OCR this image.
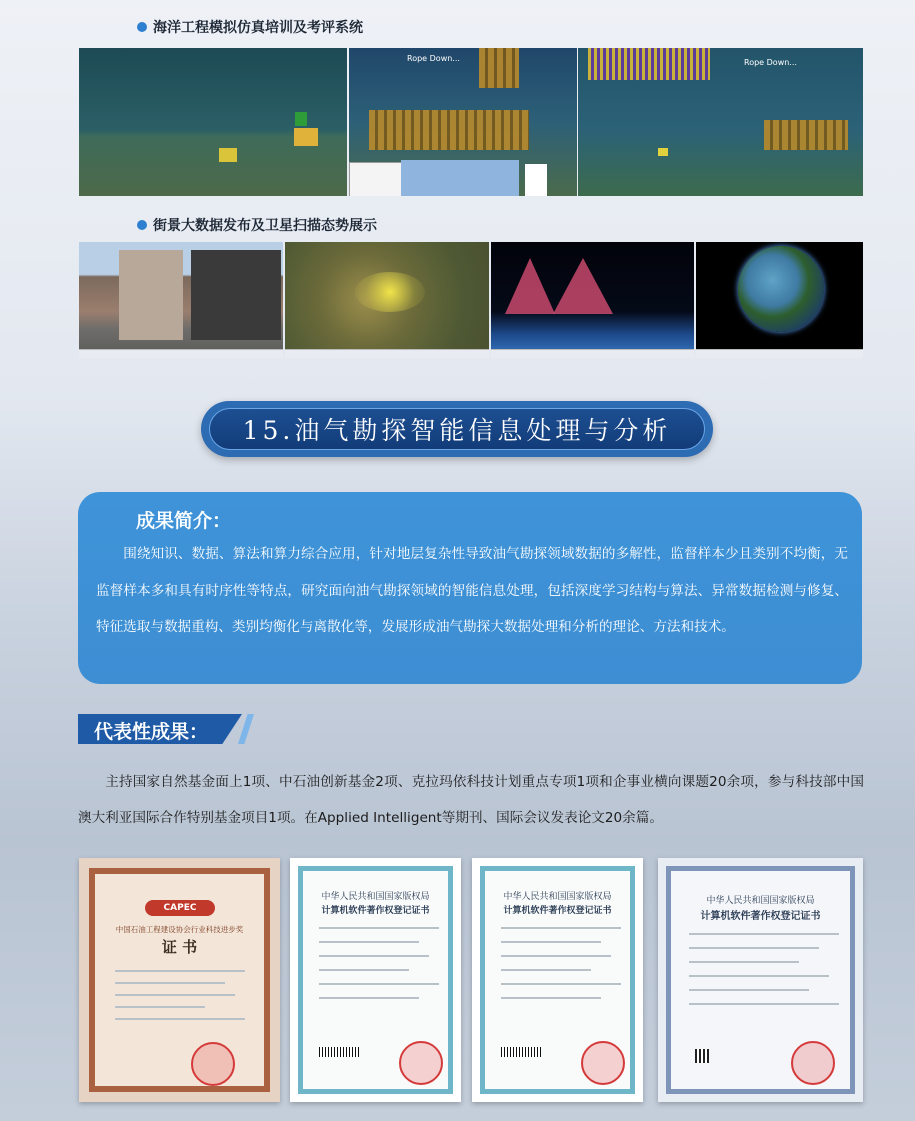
海洋工程模拟仿真培训及考评系统
Rope Down...	Rope Down...
街景大数据发布及卫星扫描态势展示
15.油气勘探智能信息处理与分析
成果简介：
围绕知识、数据、算法和算力综合应用，针对地层复杂性导致油气勘探领域数据的多解性，监督样本少且类别不均衡，无监督样本多和具有时序性等特点，研究面向油气勘探领域的智能信息处理，包括深度学习结构与算法、异常数据检测与修复、特征选取与数据重构、类别均衡化与离散化等，发展形成油气勘探大数据处理和分析的理论、方法和技术。
代表性成果：
主持国家自然基金面上1项、中石油创新基金2项、克拉玛依科技计划重点专项1项和企事业横向课题20余项，参与科技部中国澳大利亚国际合作特别基金项目1项。在Applied Intelligent等期刊、国际会议发表论文20余篇。
CAPEC
中国石油工程建设协会行业科技进步奖
证 书
中华人民共和国国家版权局
计算机软件著作权登记证书
中华人民共和国国家版权局
计算机软件著作权登记证书
中华人民共和国国家版权局
计算机软件著作权登记证书
